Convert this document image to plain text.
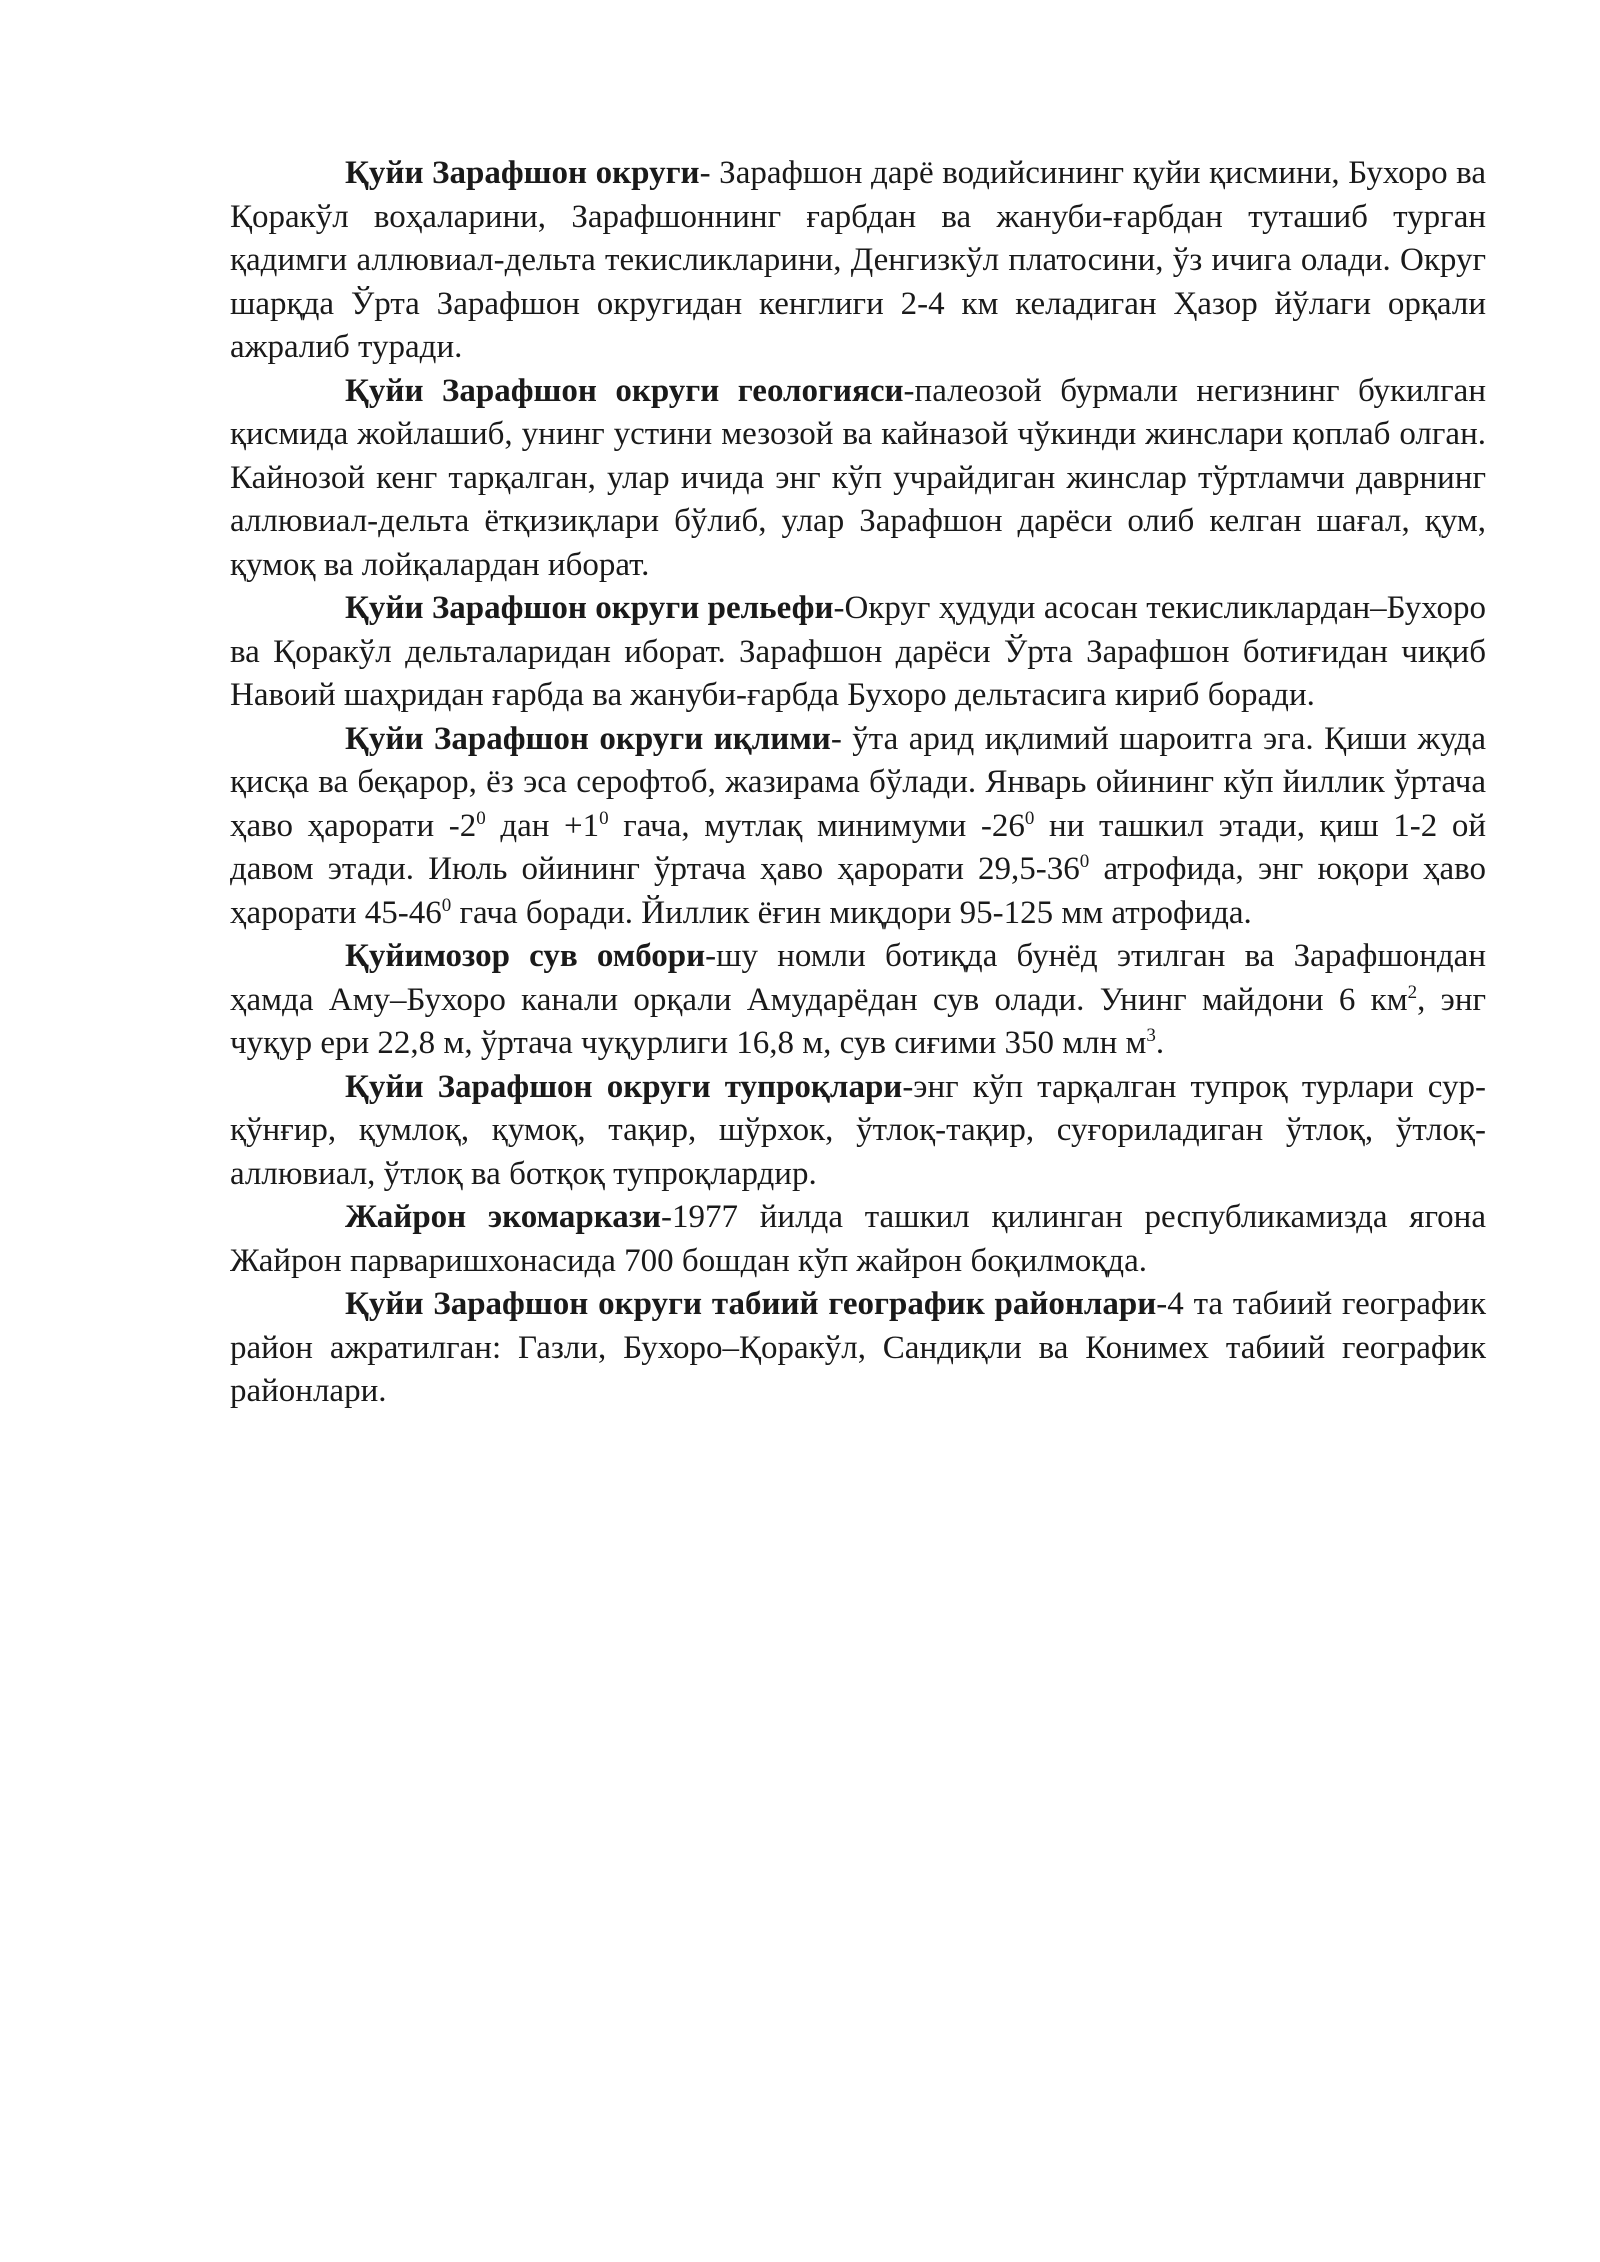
Қуйи Зарафшон округи- Зарафшон дарё водийсининг қуйи қисмини, Бухоро ва Қоракўл воҳаларини, Зарафшоннинг ғарбдан ва жануби-ғарбдан туташиб турган қадимги аллювиал-дельта текисликларини, Денгизкўл платосини, ўз ичига олади. Округ шарқда Ўрта Зарафшон округидан кенглиги 2-4 км келадиган Ҳазор йўлаги орқали ажралиб туради.

Қуйи Зарафшон округи геологияси-палеозой бурмали негизнинг букилган қисмида жойлашиб, унинг устини мезозой ва кайназой чўкинди жинслари қоплаб олган. Кайнозой кенг тарқалган, улар ичида энг кўп учрайдиган жинслар тўртламчи даврнинг аллювиал-дельта ётқизиқлари бўлиб, улар Зарафшон дарёси олиб келган шағал, қум, қумоқ ва лойқалардан иборат.

Қуйи Зарафшон округи рельефи-Округ ҳудуди асосан текисликлардан–Бухоро ва Қоракўл дельталаридан иборат. Зарафшон дарёси Ўрта Зарафшон ботиғидан чиқиб Навоий шаҳридан ғарбда ва жануби-ғарбда Бухоро дельтасига кириб боради.

Қуйи Зарафшон округи иқлими- ўта арид иқлимий шароитга эга. Қиши жуда қисқа ва беқарор, ёз эса серофтоб, жазирама бўлади. Январь ойининг кўп йиллик ўртача ҳаво ҳарорати $-2^0$ дан $+1^0$ гача, мутлақ минимуми $-26^0$ ни ташкил этади, қиш 1-2 ой давом этади. Июль ойининг ўртача ҳаво ҳарорати $29,5-36^0$ атрофида, энг юқори ҳаво ҳарорати $45-46^0$ гача боради. Йиллик ёғин миқдори 95-125 мм атрофида.

Қуйимозор сув омбори-шу номли ботиқда бунёд этилган ва Зарафшондан ҳамда Аму–Бухоро канали орқали Амударёдан сув олади. Унинг майдони 6 $км^2$, энг чуқур ери 22,8 м, ўртача чуқурлиги 16,8 м, сув сиғими 350 млн $м^3$.

Қуйи Зарафшон округи тупроқлари-энг кўп тарқалган тупроқ турлари сур-қўнғир, қумлоқ, қумоқ, тақир, шўрхок, ўтлоқ-тақир, суғориладиган ўтлоқ, ўтлоқ-аллювиал, ўтлоқ ва ботқоқ тупроқлардир.

Жайрон экомаркази-1977 йилда ташкил қилинган республикамизда ягона Жайрон парваришхонасида 700 бошдан кўп жайрон боқилмоқда.

Қуйи Зарафшон округи табиий географик районлари-4 та табиий географик район ажратилган: Газли, Бухоро–Қоракўл, Сандиқли ва Конимех табиий географик районлари.
